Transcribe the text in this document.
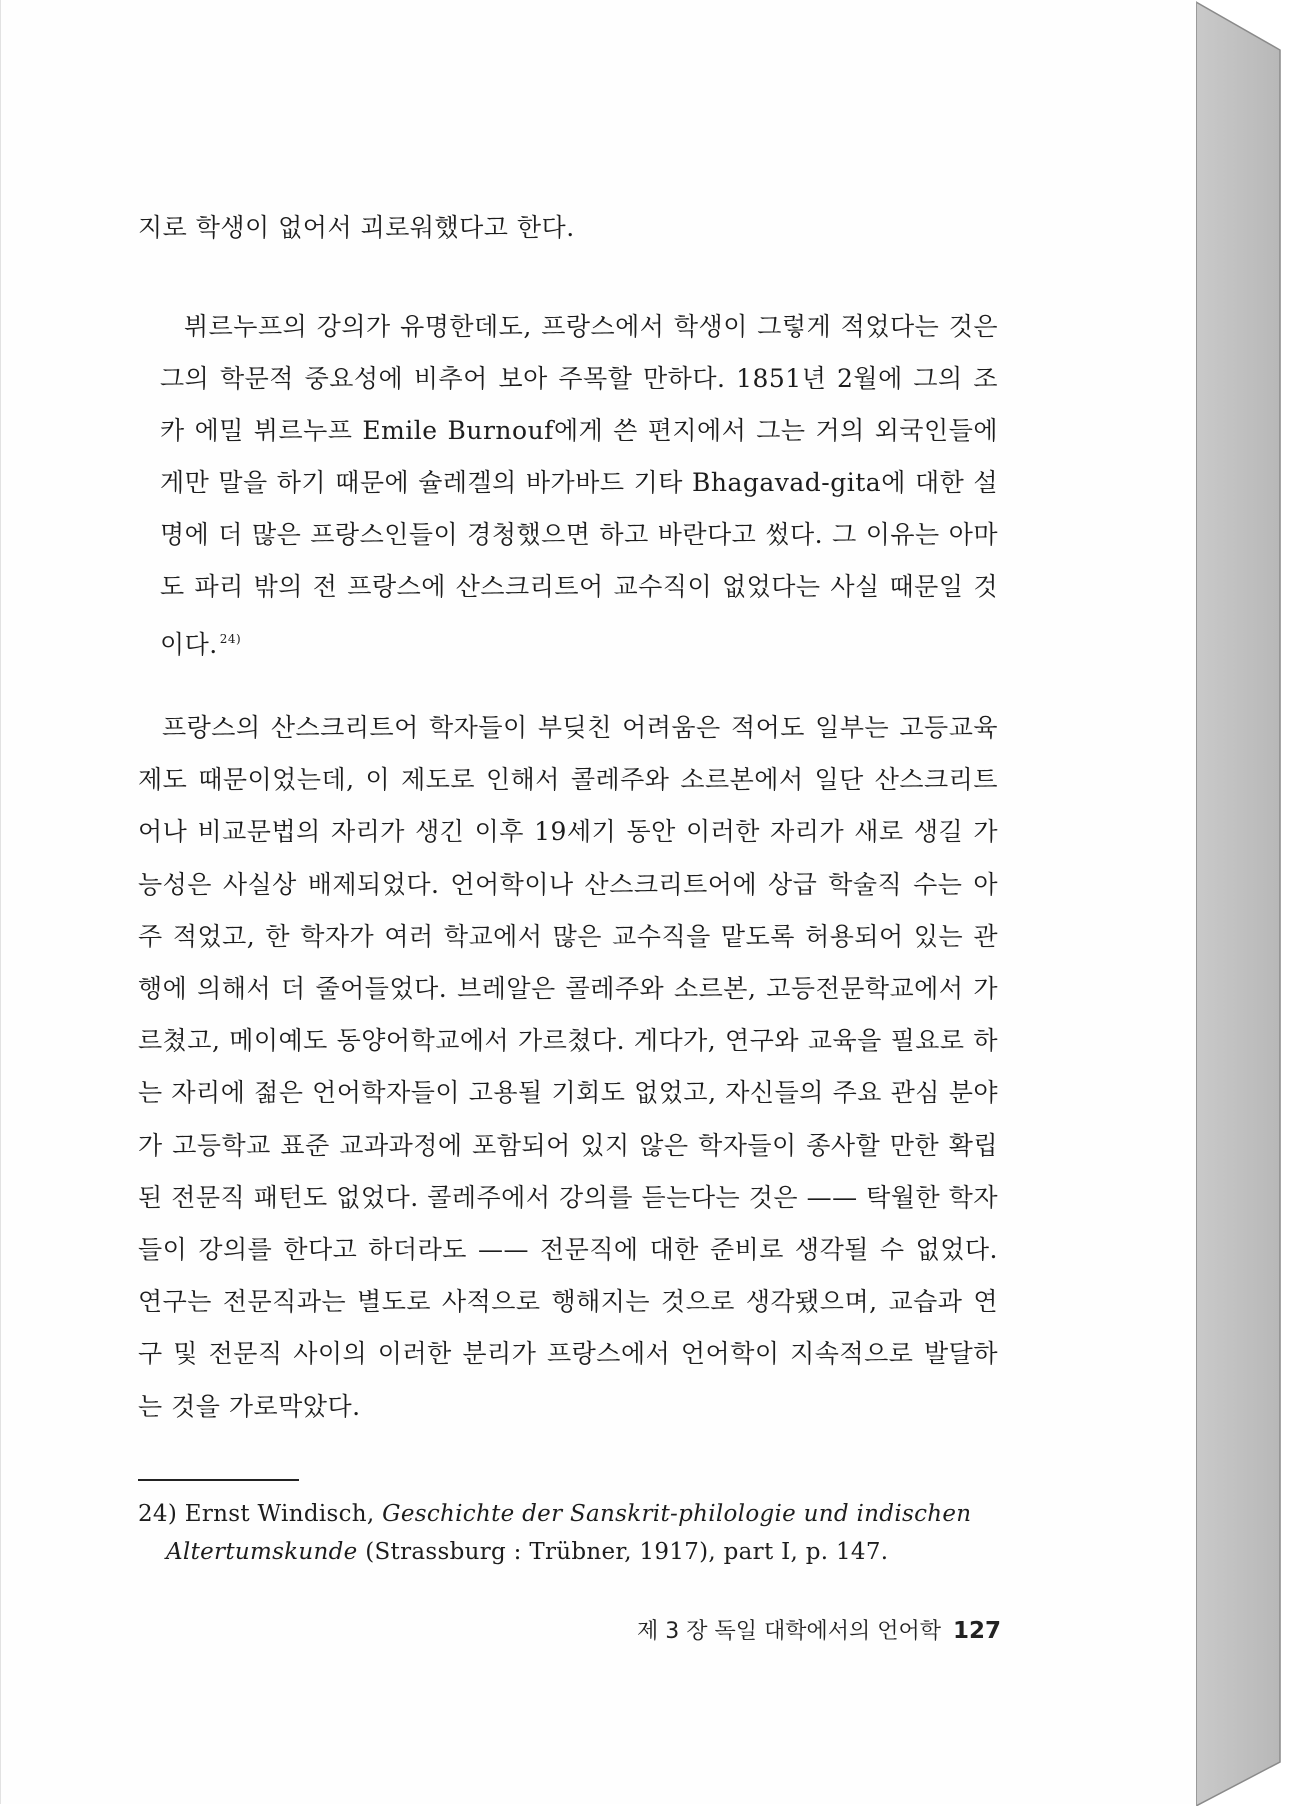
지로 학생이 없어서 괴로워했다고 한다.

뷔르누프의 강의가 유명한데도, 프랑스에서 학생이 그렇게 적었다는 것은 그의 학문적 중요성에 비추어 보아 주목할 만하다. 1851년 2월에 그의 조카 에밀 뷔르누프 Emile Burnouf에게 쓴 편지에서 그는 거의 외국인들에게만 말을 하기 때문에 슐레겔의 바가바드 기타 Bhagavad-gita에 대한 설명에 더 많은 프랑스인들이 경청했으면 하고 바란다고 썼다. 그 이유는 아마도 파리 밖의 전 프랑스에 산스크리트어 교수직이 없었다는 사실 때문일 것이다. $^{24)}$

프랑스의 산스크리트어 학자들이 부딪친 어려움은 적어도 일부는 고등교육제도 때문이었는데, 이 제도로 인해서 콜레주와 소르본에서 일단 산스크리트어나 비교문법의 자리가 생긴 이후 19세기 동안 이러한 자리가 새로 생길 가능성은 사실상 배제되었다. 언어학이나 산스크리트어에 상급 학술직 수는 아주 적었고, 한 학자가 여러 학교에서 많은 교수직을 맡도록 허용되어 있는 관행에 의해서 더 줄어들었다. 브레알은 콜레주와 소르본, 고등전문학교에서 가르쳤고, 메이예도 동양어학교에서 가르쳤다. 게다가, 연구와 교육을 필요로 하는 자리에 젊은 언어학자들이 고용될 기회도 없었고, 자신들의 주요 관심 분야가 고등학교 표준 교과과정에 포함되어 있지 않은 학자들이 종사할 만한 확립된 전문직 패턴도 없었다. 콜레주에서 강의를 듣는다는 것은 —— 탁월한 학자들이 강의를 한다고 하더라도 —— 전문직에 대한 준비로 생각될 수 없었다. 연구는 전문직과는 별도로 사적으로 행해지는 것으로 생각됐으며, 교습과 연구 및 전문직 사이의 이러한 분리가 프랑스에서 언어학이 지속적으로 발달하는 것을 가로막았다.

24) Ernst Windisch, Geschichte der Sanskrit-philologie und indischen
Altertumskunde (Strassburg : Trübner, 1917), part I, p. 147.
제 3 장 독일 대학에서의 언어학 127
